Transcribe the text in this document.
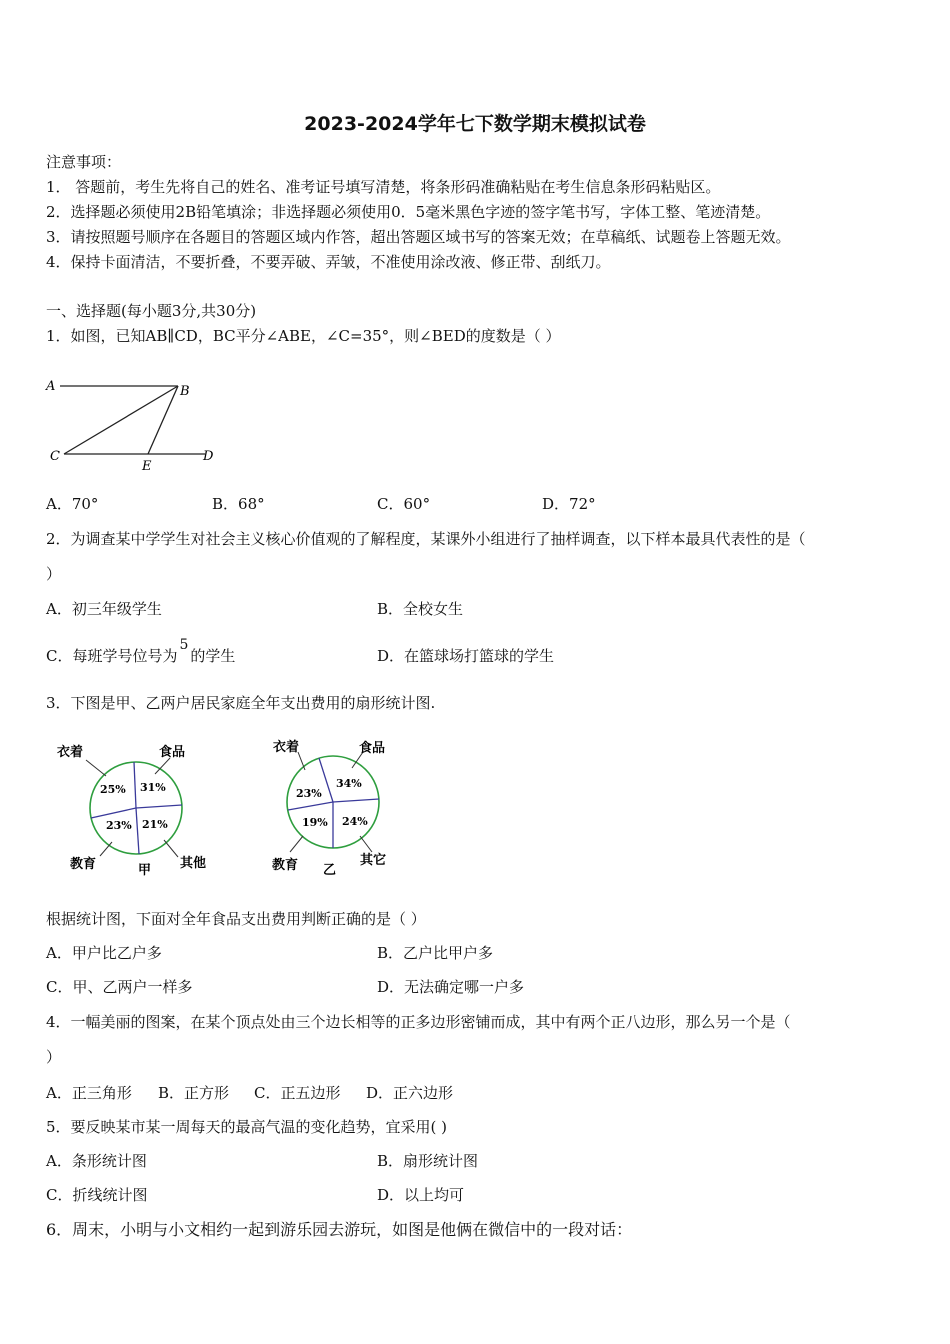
2023-2024学年七下数学期末模拟试卷
注意事项：
1． 答题前，考生先将自己的姓名、准考证号填写清楚，将条形码准确粘贴在考生信息条形码粘贴区。
2．选择题必须使用2B铅笔填涂；非选择题必须使用0．5毫米黑色字迹的签字笔书写，字体工整、笔迹清楚。
3．请按照题号顺序在各题目的答题区域内作答，超出答题区域书写的答案无效；在草稿纸、试题卷上答题无效。
4．保持卡面清洁，不要折叠，不要弄破、弄皱，不准使用涂改液、修正带、刮纸刀。
一、选择题(每小题3分,共30分)
1．如图，已知AB∥CD，BC平分∠ABE，∠C=35°，则∠BED的度数是（ ）
A	B
C
E
D
A．70°	B．68°	C．60°	D．72°
2．为调查某中学学生对社会主义核心价值观的了解程度，某课外小组进行了抽样调查，以下样本最具代表性的是（
）
A．初三年级学生	B．全校女生
C．每班学号位号为5的学生	D．在篮球场打篮球的学生
3．下图是甲、乙两户居民家庭全年支出费用的扇形统计图.
衣着	食品
其他
教育
25% 31%
21%
23%
甲
衣着	食品
其它
教育
23%
34%
24%
19%
乙
根据统计图，下面对全年食品支出费用判断正确的是（ ）
A．甲户比乙户多	B．乙户比甲户多
C．甲、乙两户一样多	D．无法确定哪一户多
4．一幅美丽的图案，在某个顶点处由三个边长相等的正多边形密铺而成，其中有两个正八边形，那么另一个是（
）
A．正三角形 B．正方形 C．正五边形 D．正六边形
5．要反映某市某一周每天的最高气温的变化趋势，宜采用( )
A．条形统计图	B．扇形统计图
C．折线统计图	D．以上均可
6．周末，小明与小文相约一起到游乐园去游玩，如图是他俩在微信中的一段对话：
